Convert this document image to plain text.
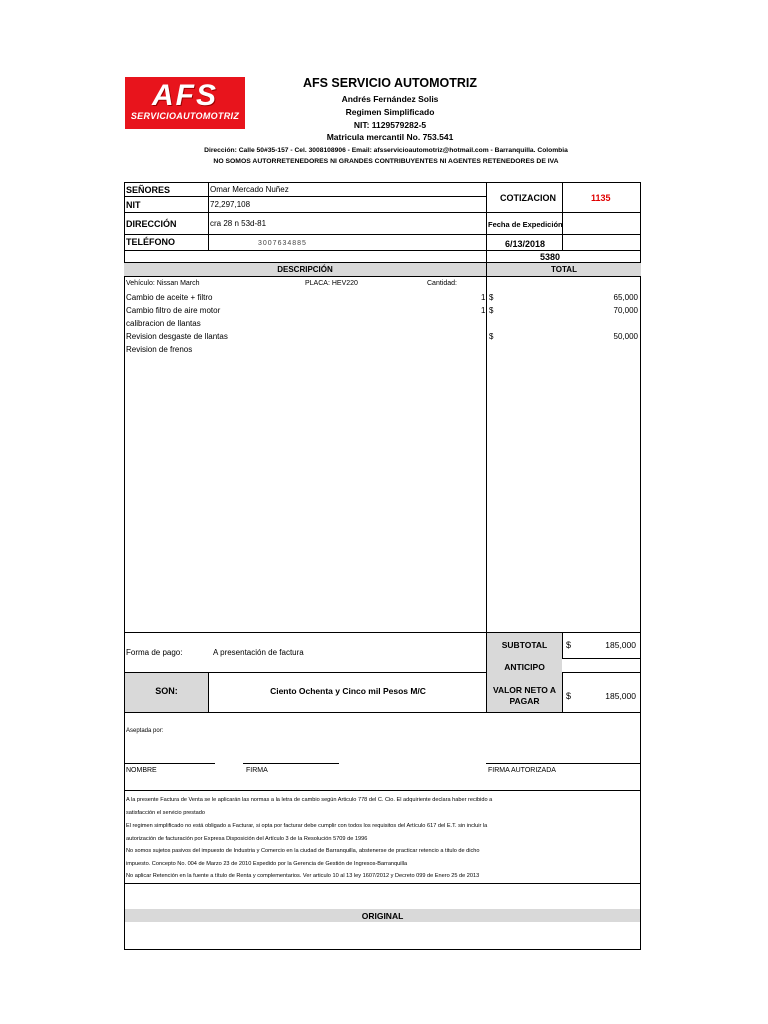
AFS
SERVICIOAUTOMOTRIZ
AFS SERVICIO AUTOMOTRIZ
Andrés Fernández Solis
Regimen Simplificado
NIT: 1129579282-5
Matricula mercantil No. 753.541
Dirección: Calle 50#35-157 - Cel. 3008108906 - Email: afsservicioautomotriz@hotmail.com - Barranquilla. Colombia
NO SOMOS AUTORRETENEDORES NI GRANDES CONTRIBUYENTES NI AGENTES RETENEDORES DE IVA
SEÑORES	Omar Mercado Nuñez
NIT	72,297,108
DIRECCIÓN	cra 28 n 53d-81
TELÉFONO	3007634885
COTIZACION	1135
Fecha de Expedición
6/13/2018
5380
DESCRIPCIÓN	TOTAL
Vehículo: Nissan March	PLACA: HEV220	Cantidad:
Cambio de aceite + filtro	1 $	65,000
Cambio filtro de aire motor	1 $	70,000
calibracion de llantas
Revision desgaste de llantas	$	50,000
Revision de frenos
Forma de pago:	A presentación de factura
SON:	Ciento Ochenta y Cinco mil Pesos M/C
SUBTOTAL	$	185,000
ANTICIPO
VALOR NETO A
PAGAR	$	185,000
Aseptada por:
NOMBRE	FIRMA	FIRMA AUTORIZADA
A la presente Factura de Venta se le aplicarán las normas a la letra de cambio según Articulo 778 del C. Cio. El adquiriente declara haber recibido a
satisfacción el servicio prestado
El regimen simplificado no está obligado a Facturar, si opta por facturar debe cumplir con todos los requisitos del Artículo 617 del E.T. sin incluir la
autorización de facturación por Expresa Disposición del Artículo 3 de la Resolución 5709 de 1996
No somos sujetos pasivos del impuesto de Industria y Comercio en la ciudad de Barranquilla, abstenerse de practicar retencio a titulo de dicho
impuesto. Concepto No. 004 de Marzo 23 de 2010 Expedido por la Gerencia de Gestión de Ingresos-Barranquilla
No aplicar Retención en la fuente a título de Renta y complementarios. Ver articulo 10 al 13 ley 1607/2012 y Decreto 099 de Enero 25 de 2013
ORIGINAL
